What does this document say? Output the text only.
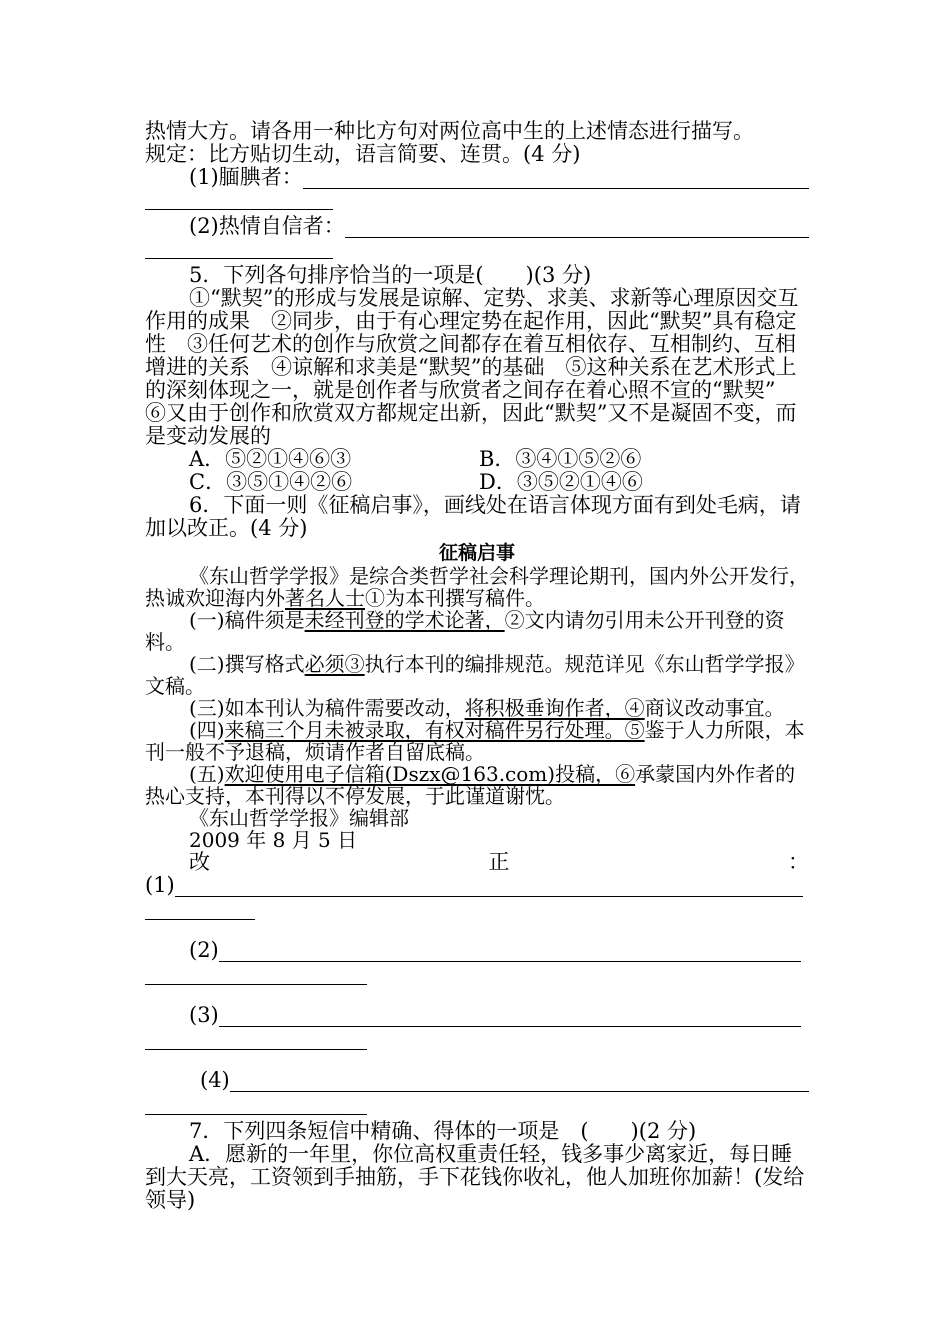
热情大方。请各用一种比方句对两位高中生的上述情态进行描写。

规定：比方贴切生动，语言简要、连贯。(4 分)

(1)腼腆者：
(2)热情自信者：

5．下列各句排序恰当的一项是(　　)(3 分)

①“默契”的形成与发展是谅解、定势、求美、求新等心理原因交互作用的成果　②同步，由于有心理定势在起作用，因此“默契”具有稳定性　③任何艺术的创作与欣赏之间都存在着互相依存、互相制约、互相增进的关系　④谅解和求美是“默契”的基础　⑤这种关系在艺术形式上的深刻体现之一，就是创作者与欣赏者之间存在着心照不宣的“默契”　⑥又由于创作和欣赏双方都规定出新，因此“默契”又不是凝固不变，而是变动发展的

A．⑤②①④⑥③	B．③④①⑤②⑥
C．③⑤①④②⑥	D．③⑤②①④⑥

6．下面一则《征稿启事》，画线处在语言体现方面有到处毛病，请加以改正。(4 分)

征稿启事

《东山哲学学报》是综合类哲学社会科学理论期刊，国内外公开发行，热诚欢迎海内外著名人士①为本刊撰写稿件。

(一)稿件须是未经刊登的学术论著，②文内请勿引用未公开刊登的资料。

(二)撰写格式必须③执行本刊的编排规范。规范详见《东山哲学学报》文稿。

(三)如本刊认为稿件需要改动，将积极垂询作者，④商议改动事宜。

(四)来稿三个月未被录取，有权对稿件另行处理。⑤鉴于人力所限，本刊一般不予退稿，烦请作者自留底稿。

(五)欢迎使用电子信箱(Dszx@163.com)投稿，⑥承蒙国内外作者的热心支持，本刊得以不停发展，于此谨道谢忱。

《东山哲学学报》编辑部

2009 年 8 月 5 日

改	正	：
(1)
(2)
(3)
(4)

7．下列四条短信中精确、得体的一项是　(　　)(2 分)

A．愿新的一年里，你位高权重责任轻，钱多事少离家近，每日睡到大天亮，工资领到手抽筋，手下花钱你收礼，他人加班你加薪！(发给领导)
